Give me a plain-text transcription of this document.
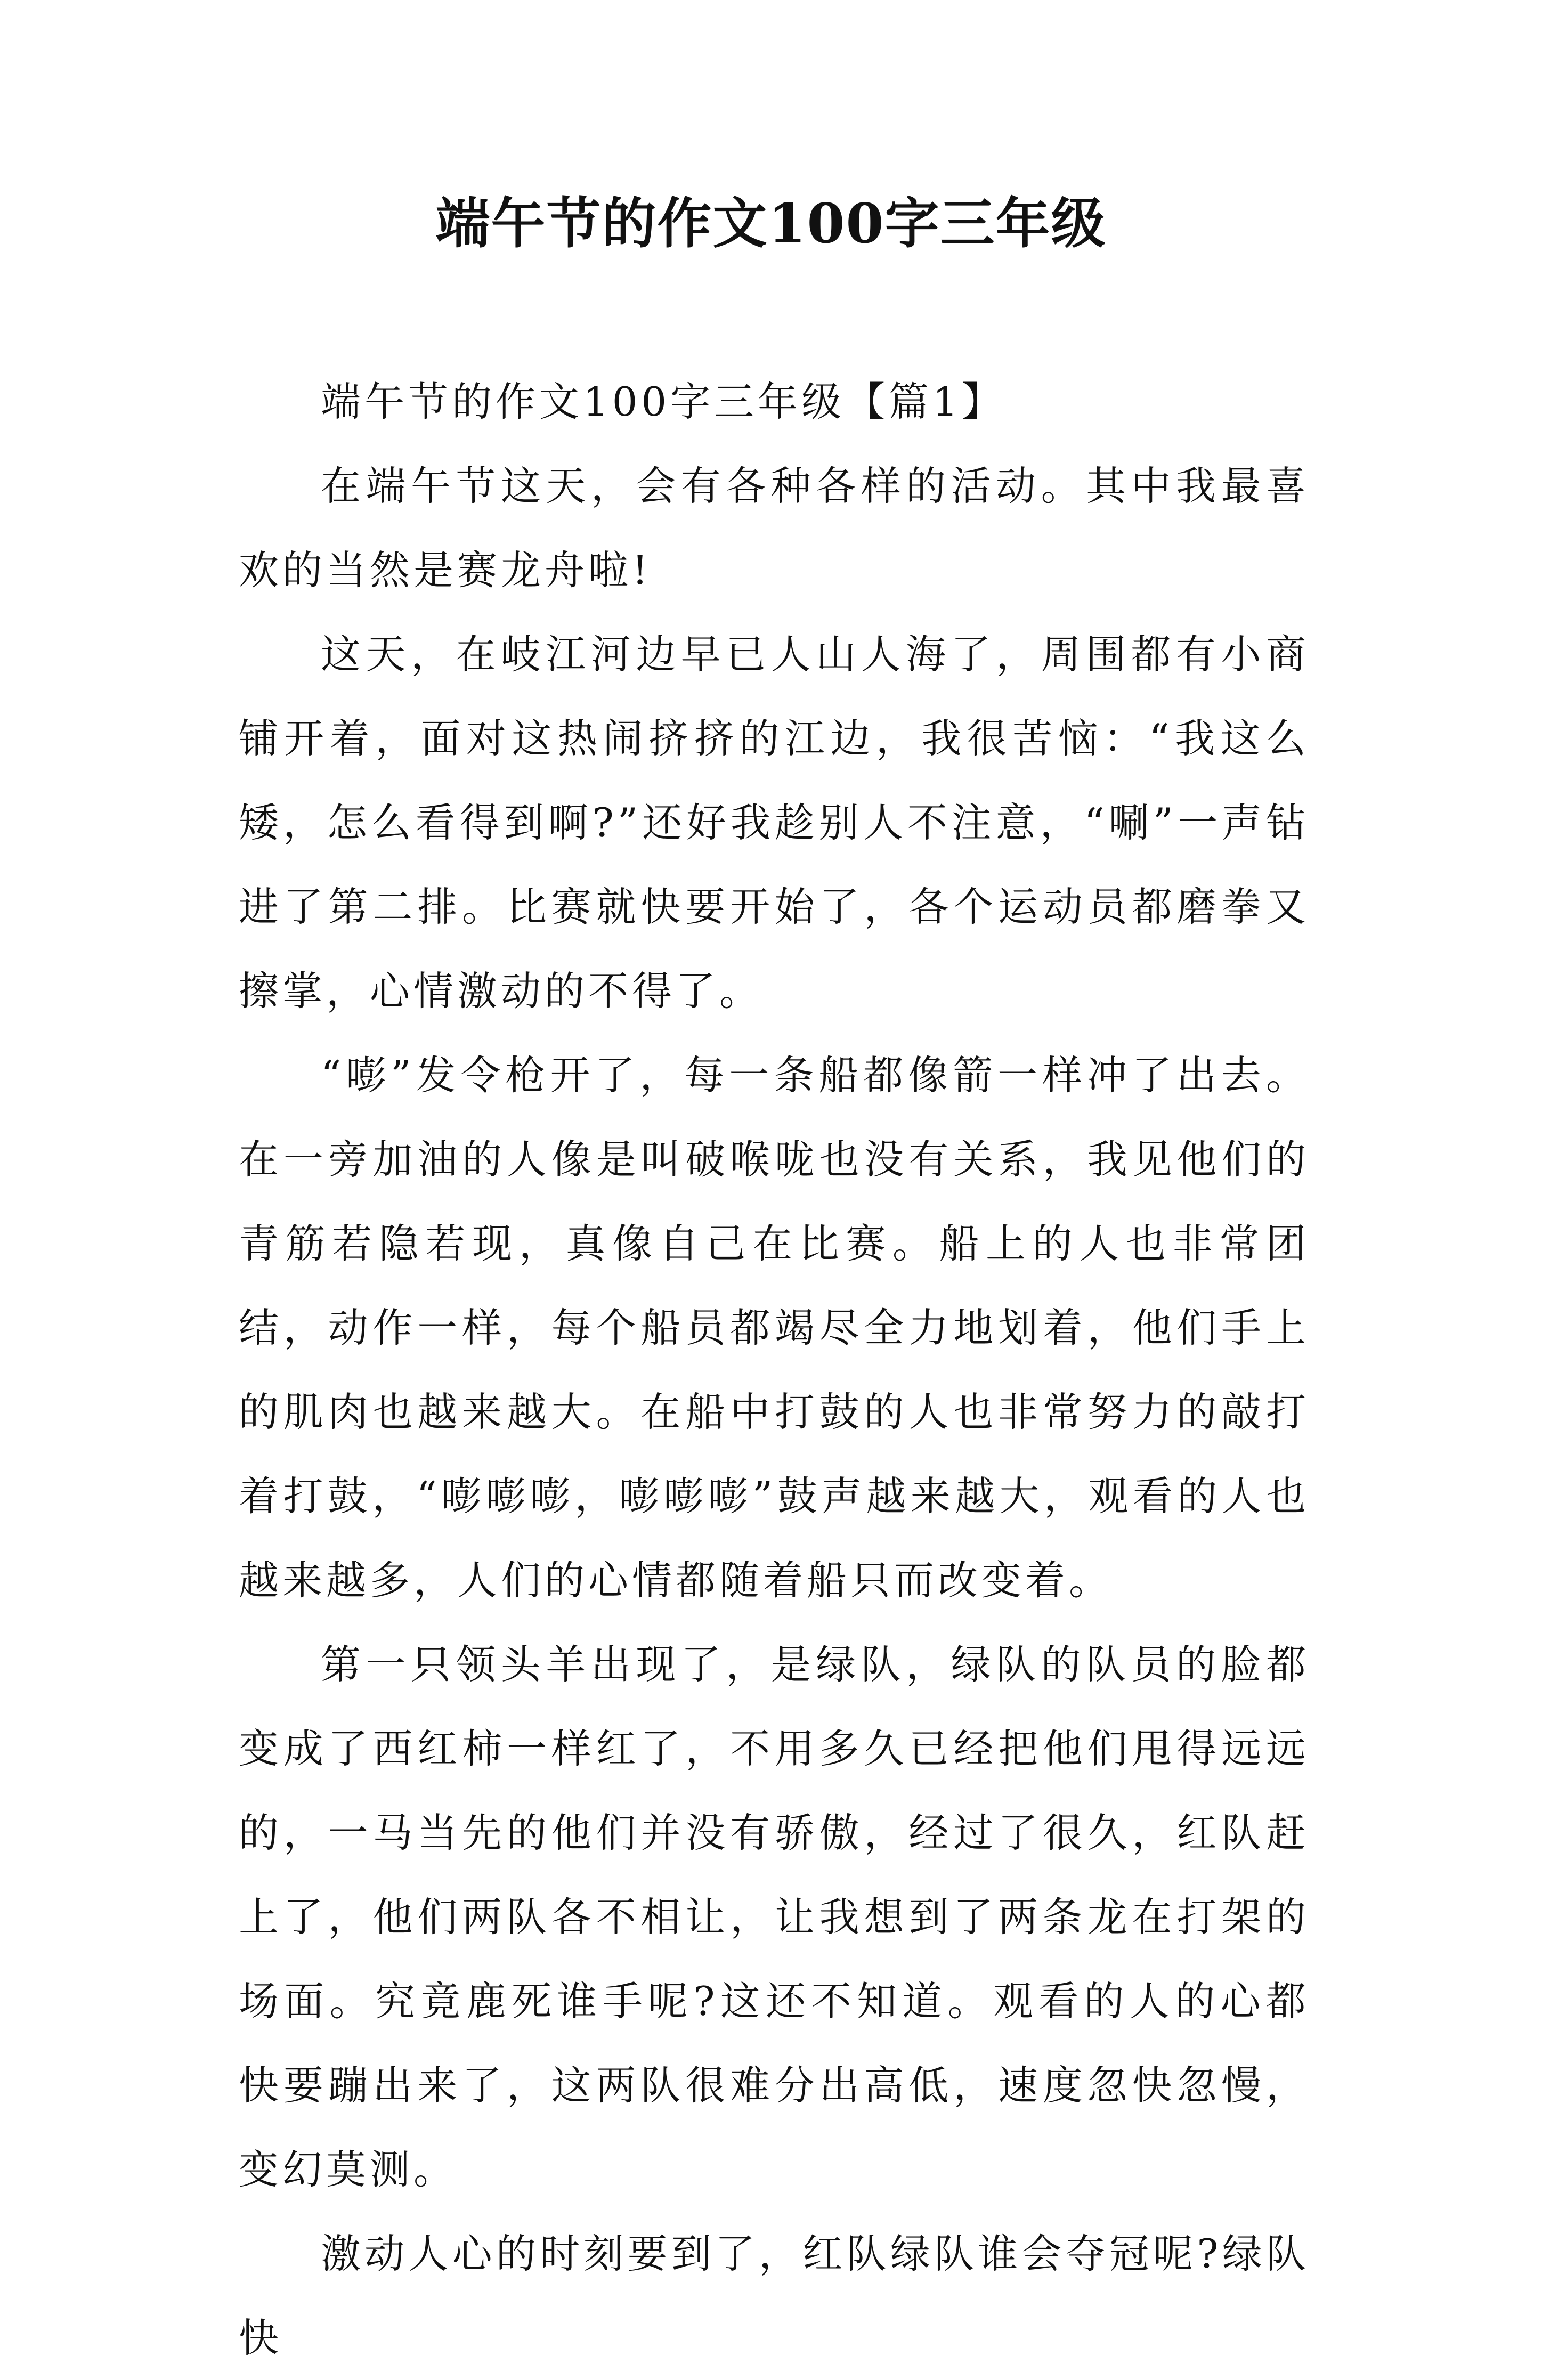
端午节的作文100字三年级

端午节的作文100字三年级【篇1】

在端午节这天，会有各种各样的活动。其中我最喜欢的当然是赛龙舟啦!

这天，在岐江河边早已人山人海了，周围都有小商铺开着，面对这热闹挤挤的江边，我很苦恼：“我这么矮，怎么看得到啊?”还好我趁别人不注意，“唰”一声钻进了第二排。比赛就快要开始了，各个运动员都磨拳又擦掌，心情激动的不得了。

“嘭”发令枪开了，每一条船都像箭一样冲了出去。在一旁加油的人像是叫破喉咙也没有关系，我见他们的青筋若隐若现，真像自己在比赛。船上的人也非常团结，动作一样，每个船员都竭尽全力地划着，他们手上的肌肉也越来越大。在船中打鼓的人也非常努力的敲打着打鼓，“嘭嘭嘭，嘭嘭嘭”鼓声越来越大，观看的人也越来越多，人们的心情都随着船只而改变着。

第一只领头羊出现了，是绿队，绿队的队员的脸都变成了西红柿一样红了，不用多久已经把他们甩得远远的，一马当先的他们并没有骄傲，经过了很久，红队赶上了，他们两队各不相让，让我想到了两条龙在打架的场面。究竟鹿死谁手呢?这还不知道。观看的人的心都快要蹦出来了，这两队很难分出高低，速度忽快忽慢，变幻莫测。

激动人心的时刻要到了，红队绿队谁会夺冠呢?绿队快
